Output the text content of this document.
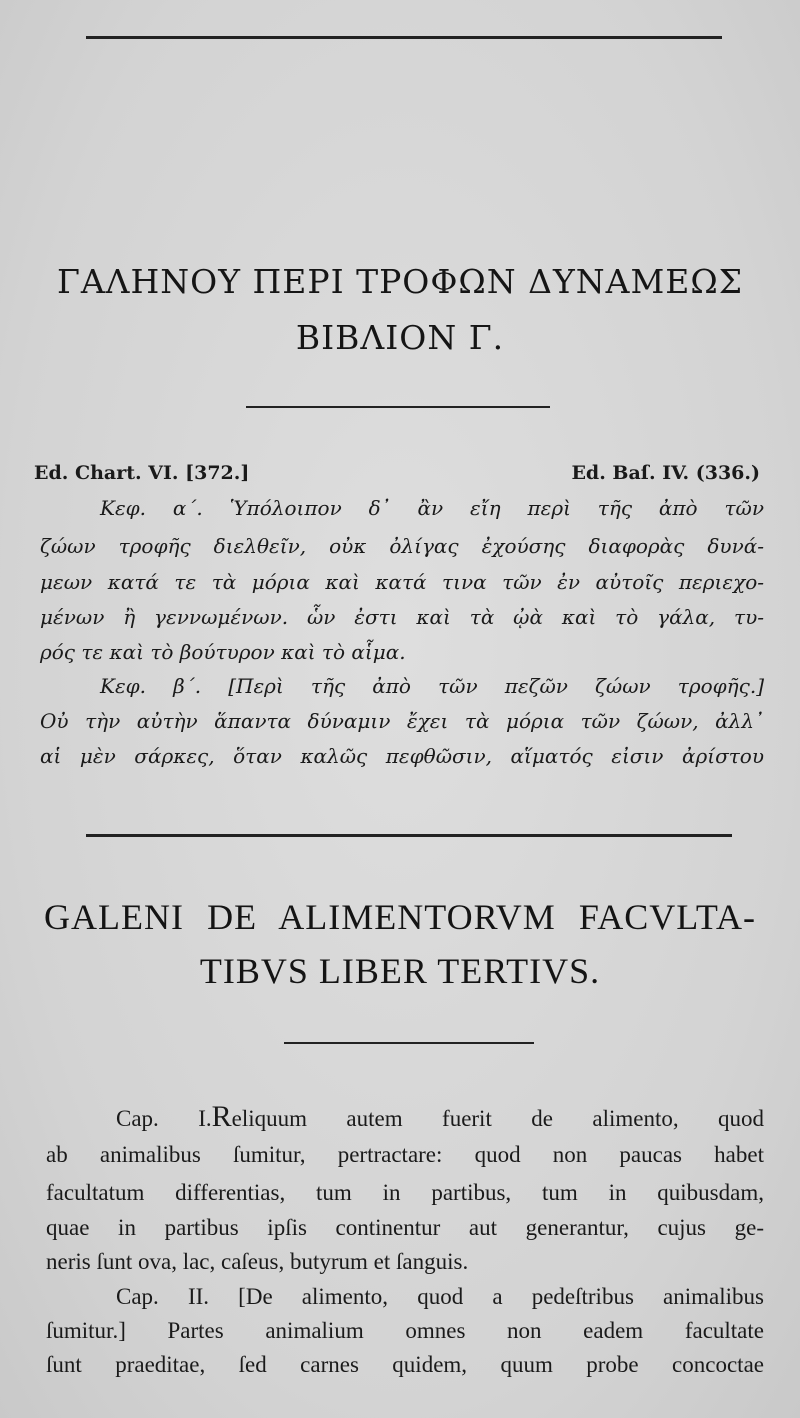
ΓΑΛΗΝΟΥ ΠΕΡΙ ΤΡΟΦΩΝ ΔΥΝΑΜΕΩΣ
ΒΙΒΛΙΟΝ Γ.
Ed. Chart. VI. [372.]	Ed. Baſ. IV. (336.)
Κεφ. α΄. Ὑπόλοιπον δ᾽ ἂν εἴη περὶ τῆς ἀπὸ τῶν
ζώων τροφῆς διελθεῖν, οὐκ ὀλίγας ἐχούσης διαφορὰς δυνά-
μεων κατά τε τὰ μόρια καὶ κατά τινα τῶν ἐν αὐτοῖς περιεχο-
μένων ἢ γεννωμένων. ὧν ἐστι καὶ τὰ ᾠὰ καὶ τὸ γάλα, τυ-
ρός τε καὶ τὸ βούτυρον καὶ τὸ αἷμα.
Κεφ. β΄. [Περὶ τῆς ἀπὸ τῶν πεζῶν ζώων τροφῆς.]
Οὐ τὴν αὐτὴν ἅπαντα δύναμιν ἔχει τὰ μόρια τῶν ζώων, ἀλλ᾽
αἱ μὲν σάρκες, ὅταν καλῶς πεφθῶσιν, αἵματός εἰσιν ἀρίστου
GALENI DE ALIMENTORVM FACVLTA-
TIBVS LIBER TERTIVS.
Cap. I.Reliquum autem fuerit de alimento, quod
ab animalibus ſumitur, pertractare: quod non paucas habet
facultatum differentias, tum in partibus, tum in quibusdam,
quae in partibus ipſis continentur aut generantur, cujus ge-
neris ſunt ova, lac, caſeus, butyrum et ſanguis.
Cap. II. [De alimento, quod a pedeſtribus animalibus
ſumitur.] Partes animalium omnes non eadem facultate
ſunt praeditae, ſed carnes quidem, quum probe concoctae
